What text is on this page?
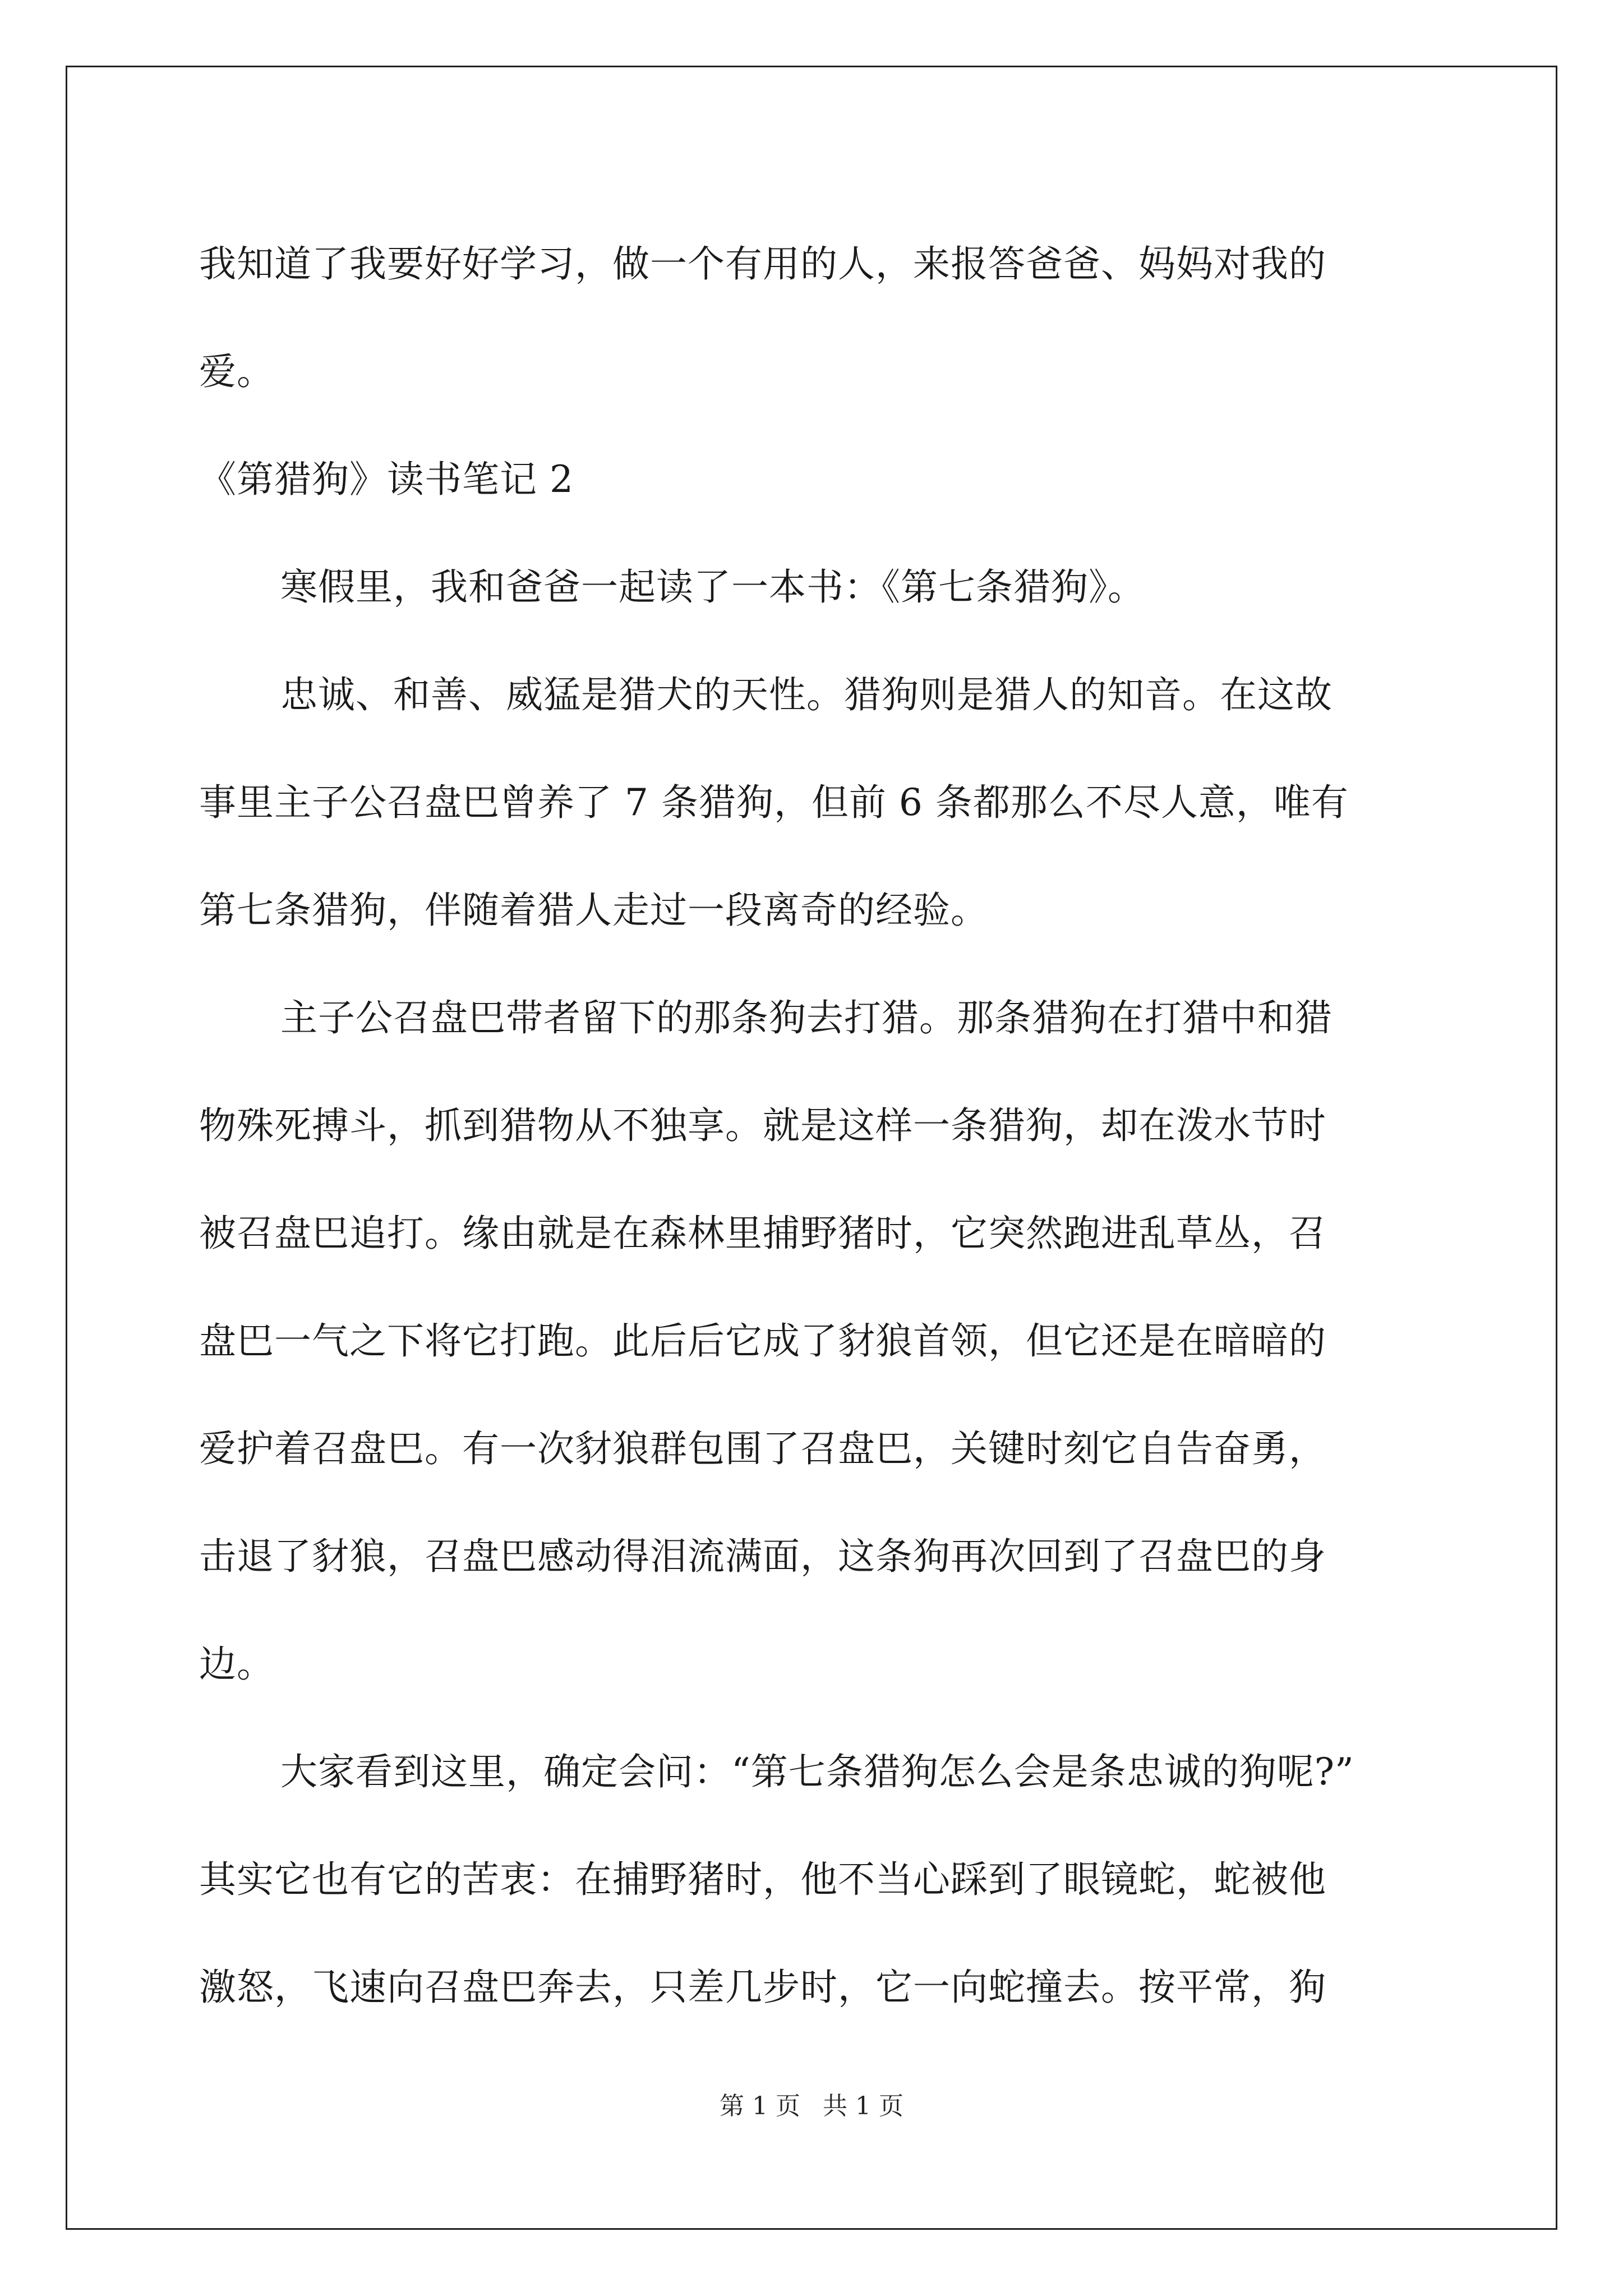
我知道了我要好好学习，做一个有用的人，来报答爸爸、妈妈对我的
爱。
《第猎狗》读书笔记 2
寒假里，我和爸爸一起读了一本书：《第七条猎狗》。
忠诚、和善、威猛是猎犬的天性。猎狗则是猎人的知音。在这故
事里主子公召盘巴曾养了 7 条猎狗，但前 6 条都那么不尽人意，唯有
第七条猎狗，伴随着猎人走过一段离奇的经验。
主子公召盘巴带者留下的那条狗去打猎。那条猎狗在打猎中和猎
物殊死搏斗，抓到猎物从不独享。就是这样一条猎狗，却在泼水节时
被召盘巴追打。缘由就是在森林里捕野猪时，它突然跑进乱草丛，召
盘巴一气之下将它打跑。此后后它成了豺狼首领，但它还是在暗暗的
爱护着召盘巴。有一次豺狼群包围了召盘巴，关键时刻它自告奋勇，
击退了豺狼，召盘巴感动得泪流满面，这条狗再次回到了召盘巴的身
边。
大家看到这里，确定会问：“第七条猎狗怎么会是条忠诚的狗呢?”
其实它也有它的苦衷：在捕野猪时，他不当心踩到了眼镜蛇，蛇被他
激怒，飞速向召盘巴奔去，只差几步时，它一向蛇撞去。按平常，狗
第 1 页 共 1 页
